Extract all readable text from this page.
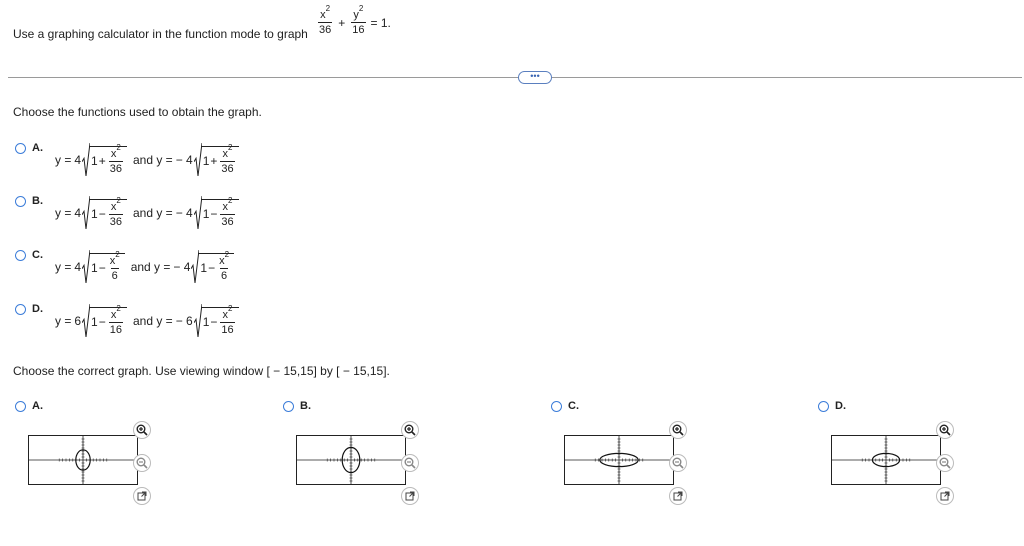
Use a graphing calculator in the function mode to graph $\frac{x^2}{36} + \frac{y^2}{16} = 1$.
•••
Choose the functions used to obtain the graph.
A.
y = 4 $1 + \frac{x^2}{36}$ and y = − 4 $1 + \frac{x^2}{36}$
B.
y = 4 $1 - \frac{x^2}{36}$ and y = − 4 $1 - \frac{x^2}{36}$
C.
y = 4 $1 - \frac{x^2}{6}$ and y = − 4 $1 - \frac{x^2}{6}$
D.
y = 6 $1 - \frac{x^2}{16}$ and y = − 6 $1 - \frac{x^2}{16}$
Choose the correct graph. Use viewing window [ − 15,15] by [ − 15,15].
A.	B.	C.	D.
